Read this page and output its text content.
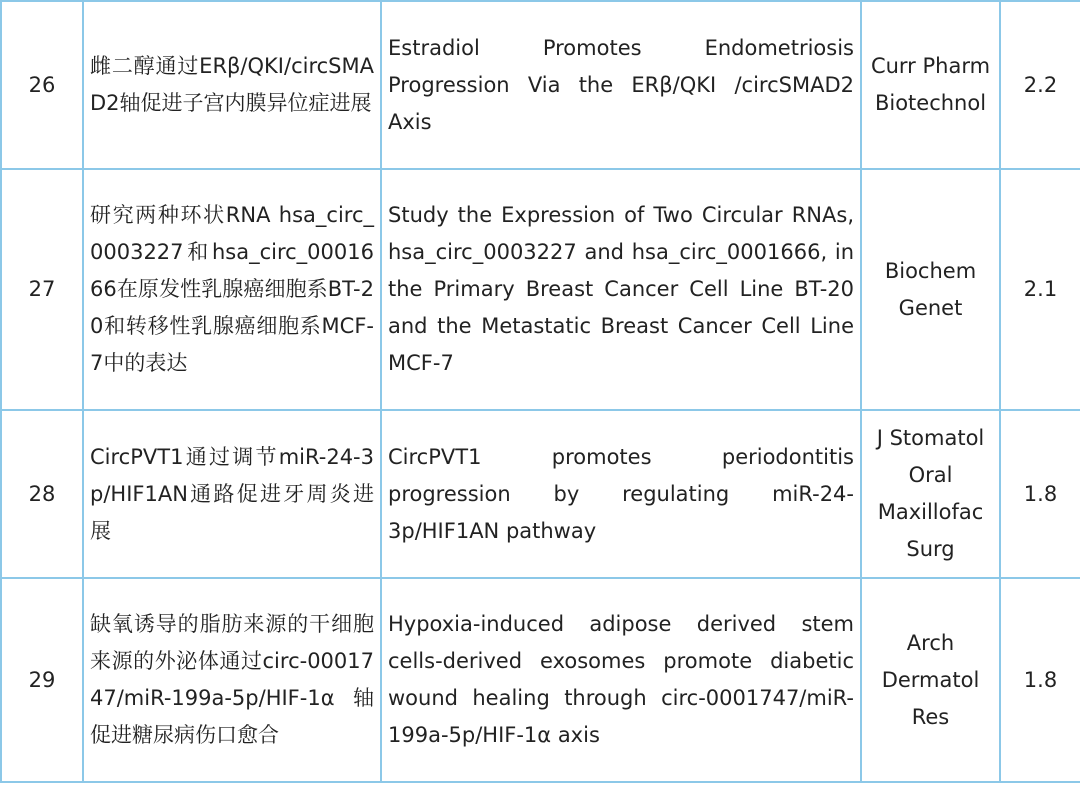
26	雌二醇通过ERβ/QKI/circSMAD2轴促进子宫内膜异位症进展	Estradiol Promotes Endometriosis Progression Via the ERβ/QKI /circSMAD2 Axis	Curr Pharm Biotechnol	2.2
27	研究两种环状RNA hsa_circ_0003227和hsa_circ_0001666在原发性乳腺癌细胞系BT-20和转移性乳腺癌细胞系MCF-7中的表达	Study the Expression of Two Circular RNAs, hsa_circ_0003227 and hsa_circ_0001666, in the Primary Breast Cancer Cell Line BT-20 and the Metastatic Breast Cancer Cell Line MCF-7	Biochem Genet	2.1
28	CircPVT1通过调节miR-24-3p/HIF1AN通路促进牙周炎进展	CircPVT1 promotes periodontitis progression by regulating miR-24-3p/HIF1AN pathway	J Stomatol Oral Maxillofac Surg	1.8
29	缺氧诱导的脂肪来源的干细胞来源的外泌体通过circ-0001747/miR-199a-5p/HIF-1α轴促进糖尿病伤口愈合	Hypoxia-induced adipose derived stem cells-derived exosomes promote diabetic wound healing through circ-0001747/miR-199a-5p/HIF-1α axis	Arch Dermatol Res	1.8
